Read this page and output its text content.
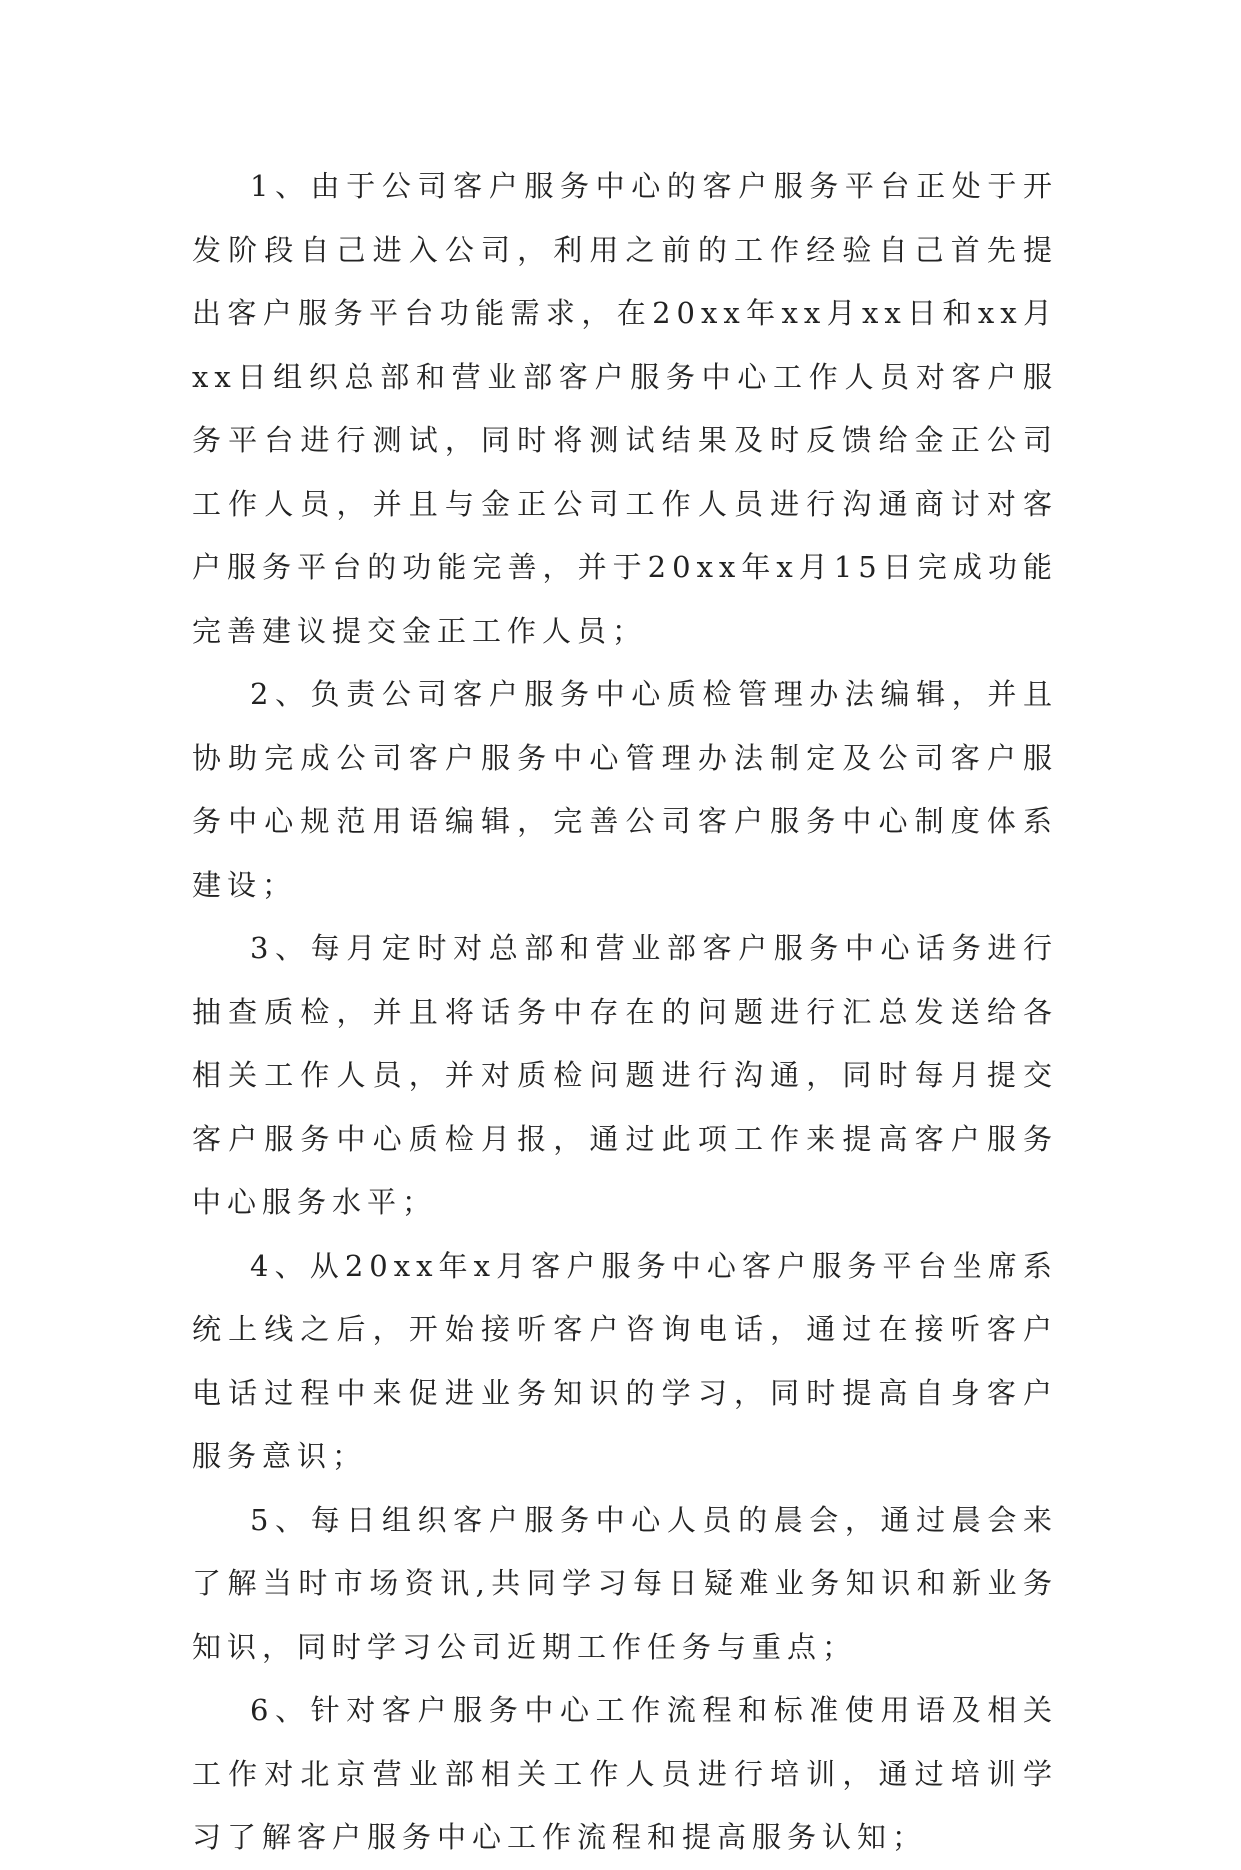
1、由于公司客户服务中心的客户服务平台正处于开发阶段自己进入公司，利用之前的工作经验自己首先提出客户服务平台功能需求，在20xx年xx月xx日和xx月xx日组织总部和营业部客户服务中心工作人员对客户服务平台进行测试，同时将测试结果及时反馈给金正公司工作人员，并且与金正公司工作人员进行沟通商讨对客户服务平台的功能完善，并于20xx年x月15日完成功能完善建议提交金正工作人员；

2、负责公司客户服务中心质检管理办法编辑，并且协助完成公司客户服务中心管理办法制定及公司客户服务中心规范用语编辑，完善公司客户服务中心制度体系建设；

3、每月定时对总部和营业部客户服务中心话务进行抽查质检，并且将话务中存在的问题进行汇总发送给各相关工作人员，并对质检问题进行沟通，同时每月提交客户服务中心质检月报，通过此项工作来提高客户服务中心服务水平；

4、从20xx年x月客户服务中心客户服务平台坐席系统上线之后，开始接听客户咨询电话，通过在接听客户电话过程中来促进业务知识的学习，同时提高自身客户服务意识；

5、每日组织客户服务中心人员的晨会，通过晨会来了解当时市场资讯,共同学习每日疑难业务知识和新业务知识，同时学习公司近期工作任务与重点；

6、针对客户服务中心工作流程和标准使用语及相关工作对北京营业部相关工作人员进行培训，通过培训学习了解客户服务中心工作流程和提高服务认知；
